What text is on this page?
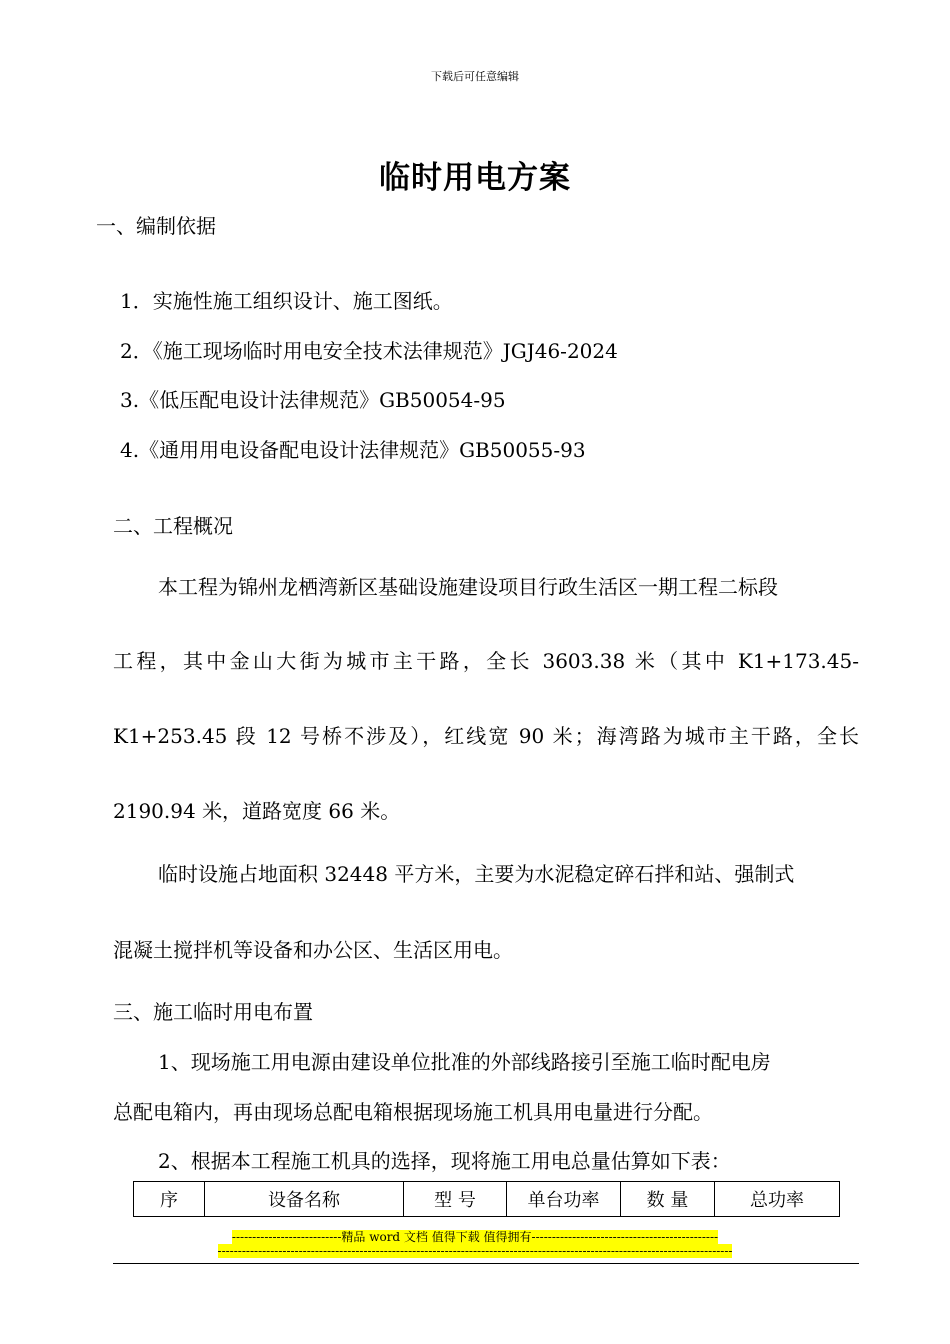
下载后可任意编辑
临时用电方案
一、编制依据
1．实施性施工组织设计、施工图纸。
2．《施工现场临时用电安全技术法律规范》JGJ46-2024
3.《低压配电设计法律规范》GB50054-95
4.《通用用电设备配电设计法律规范》GB50055-93
二、工程概况
本工程为锦州龙栖湾新区基础设施建设项目行政生活区一期工程二标段
工程，其中金山大街为城市主干路，全长 3603.38 米（其中 K1+173.45-
K1+253.45 段 12 号桥不涉及），红线宽 90 米；海湾路为城市主干路，全长
2190.94 米，道路宽度 66 米。
临时设施占地面积 32448 平方米，主要为水泥稳定碎石拌和站、强制式
混凝土搅拌机等设备和办公区、生活区用电。
三、施工临时用电布置
1、现场施工用电源由建设单位批准的外部线路接引至施工临时配电房
总配电箱内，再由现场总配电箱根据现场施工机具用电量进行分配。
2、根据本工程施工机具的选择，现将施工用电总量估算如下表：
序	设备名称	型 号	单台功率	数 量	总功率
---------------------------精品 word 文档 值得下载 值得拥有----------------------------------------------
-------------------------------------------------------------------------------------------------------------------------------
